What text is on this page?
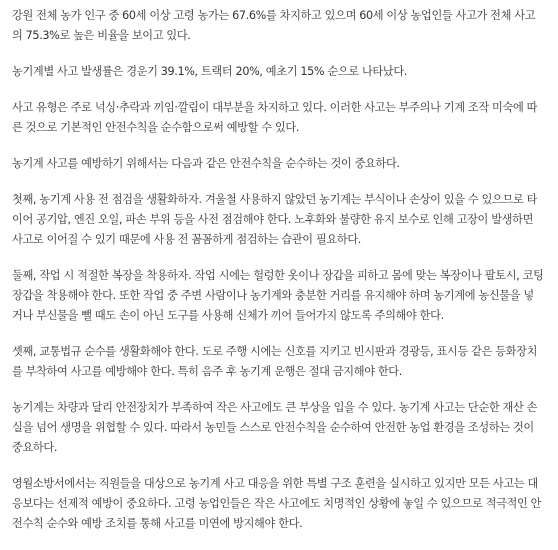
강원 전체 농가 인구 중 60세 이상 고령 농가는 67.6%를 차지하고 있으며 60세 이상 농업인들 사고가 전체 사고의 75.3%로 높은 비율을 보이고 있다.

농기계별 사고 발생률은 경운기 39.1%, 트랙터 20%, 예초기 15% 순으로 나타났다.

사고 유형은 주로 넉싱·추락과 끼임·깔림이 대부분을 차지하고 있다. 이러한 사고는 부주의나 기계 조작 미숙에 따른 것으로 기본적인 안전수칙을 순수함으로써 예방할 수 있다.

농기계 사고를 예방하기 위해서는 다음과 같은 안전수칙을 순수하는 것이 중요하다.

첫째, 농기계 사용 전 점검을 생활화하자. 겨울철 사용하지 않았던 농기계는 부식이나 손상이 있을 수 있으므로 타이어 공기압, 엔진 오일, 파손 부위 등을 사전 점검해야 한다. 노후화와 불량한 유지 보수로 인해 고장이 발생하면 사고로 이어질 수 있기 때문에 사용 전 꼼꼼하게 점검하는 습관이 필요하다.

둘째, 작업 시 적절한 복장을 착용하자. 작업 시에는 헐렁한 옷이나 장갑을 피하고 몸에 맞는 복장이나 팔토시, 코팅 장갑을 착용해야 한다. 또한 작업 중 주변 사람이나 농기계와 충분한 거리를 유지해야 하며 농기계에 농신물을 넣거나 부신물을 뺄 때도 손이 아닌 도구를 사용해 신체가 끼어 들어가지 않도록 주의해야 한다.

셋째, 교통법규 순수를 생활화해야 한다. 도로 주행 시에는 신호를 지키고 빈시판과 경광등, 표시등 같은 등화장치를 부착하여 사고를 예방해야 한다. 특히 음주 후 농기계 운행은 절대 금지해야 한다.

농기계는 차량과 달리 안전장치가 부족하여 작은 사고에도 큰 부상을 입을 수 있다. 농기계 사고는 단순한 재산 손실을 넘어 생명을 위협할 수 있다. 따라서 농민들 스스로 안전수칙을 순수하여 안전한 농업 환경을 조성하는 것이 중요하다.

영월소방서에서는 직원들을 대상으로 농기계 사고 대응을 위한 특별 구조 훈련을 실시하고 있지만 모든 사고는 대응보다는 선제적 예방이 중요하다. 고령 농업인들은 작은 사고에도 치명적인 상황에 놓일 수 있으므로 적극적인 안전수칙 순수와 예방 조치를 통해 사고를 미연에 방지해야 한다.
